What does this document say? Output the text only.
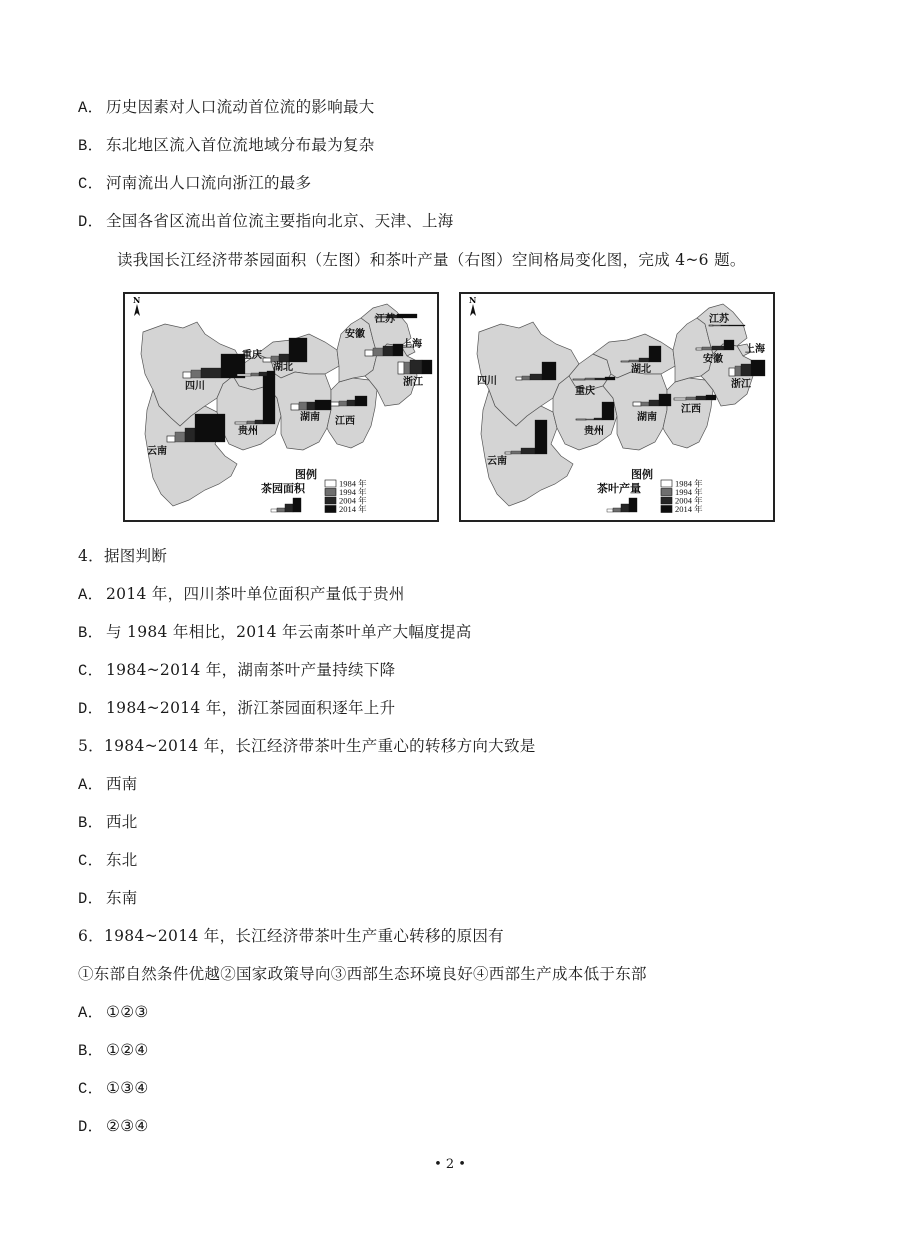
A． 历史因素对人口流动首位流的影响最大
B． 东北地区流入首位流地域分布最为复杂
C． 河南流出人口流向浙江的最多
D． 全国各省区流出首位流主要指向北京、天津、上海
读我国长江经济带茶园面积（左图）和茶叶产量（右图）空间格局变化图，完成 4~6 题。
N
四川
重庆
云南
贵州
湖北
湖南 江西
安徽
江苏
上海
浙江
图例
茶园面积	1984 年
1994 年
2004 年
2014 年
N
四川
重庆
云南
贵州
湖北
湖南
江西
安徽
江苏
上海
浙江
图例
茶叶产量	1984 年
1994 年
2004 年
2014 年
4．据图判断
A． 2014 年，四川茶叶单位面积产量低于贵州
B． 与 1984 年相比，2014 年云南茶叶单产大幅度提高
C． 1984~2014 年，湖南茶叶产量持续下降
D． 1984~2014 年，浙江茶园面积逐年上升
5．1984~2014 年，长江经济带茶叶生产重心的转移方向大致是
A． 西南
B． 西北
C． 东北
D． 东南
6．1984~2014 年，长江经济带茶叶生产重心转移的原因有
①东部自然条件优越②国家政策导向③西部生态环境良好④西部生产成本低于东部
A． ①②③
B． ①②④
C． ①③④
D． ②③④
• 2 •
